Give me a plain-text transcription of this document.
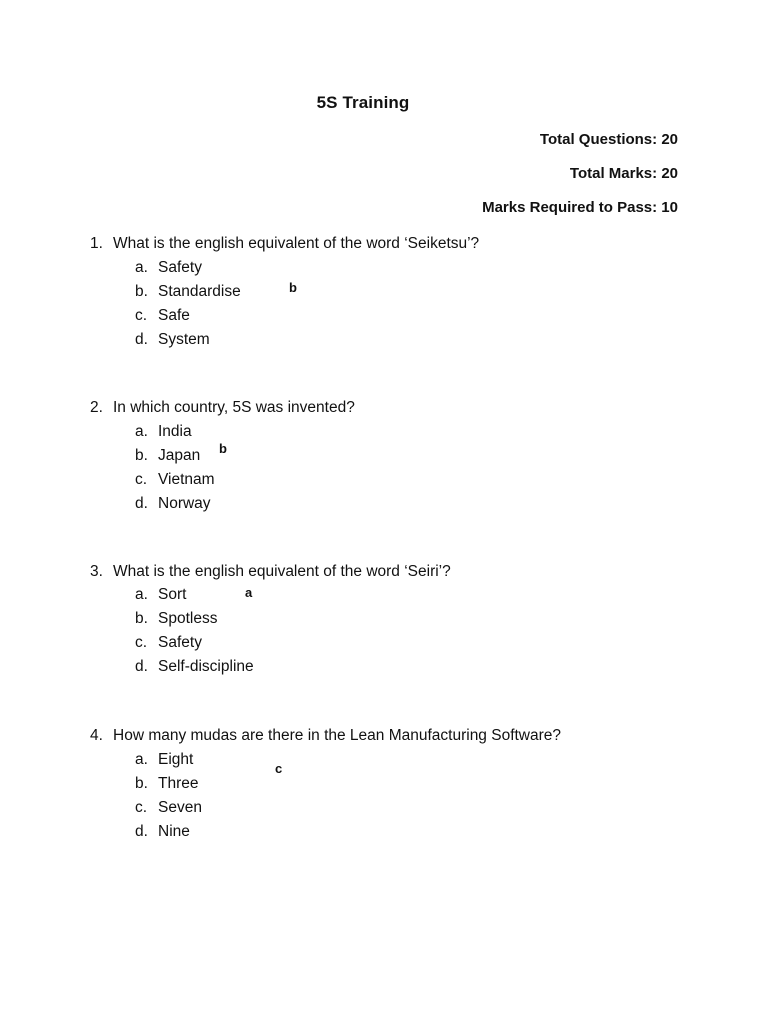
5S Training
Total Questions: 20
Total Marks: 20
Marks Required to Pass: 10
1. What is the english equivalent of the word ‘Seiketsu’?
a. Safety
b. Standardise
c. Safe
d. System
b
2. In which country, 5S was invented?
a. India
b. Japan
c. Vietnam
d. Norway
b
3. What is the english equivalent of the word ‘Seiri’?
a. Sort
b. Spotless
c. Safety
d. Self-discipline
a
4. How many mudas are there in the Lean Manufacturing Software?
a. Eight
b. Three
c. Seven
d. Nine
c
